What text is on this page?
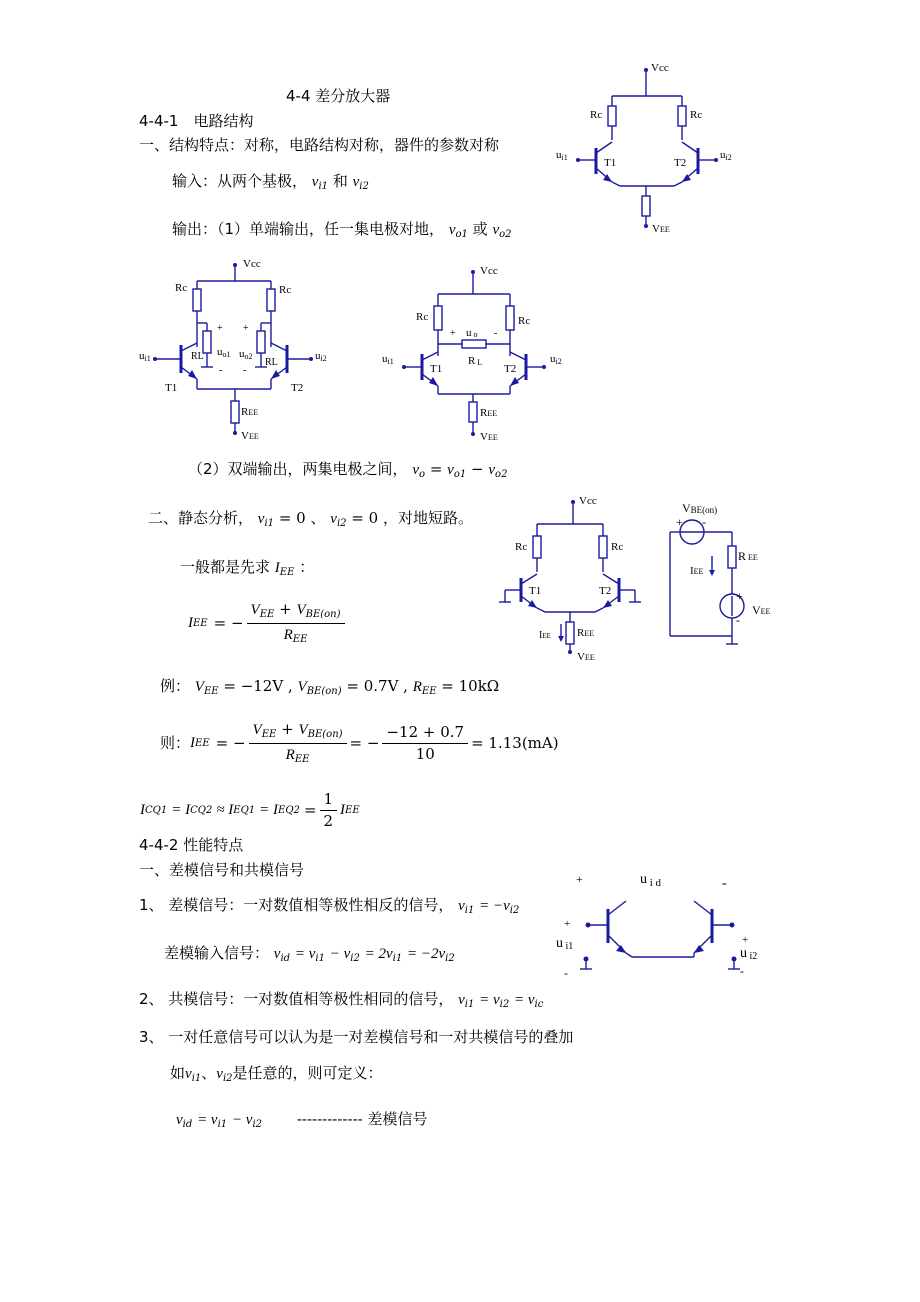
4-4 差分放大器
4-4-1　电路结构
一、结构特点：对称，电路结构对称，器件的参数对称
输入：从两个基极， $v_{i1}$ 和 $v_{i2}$
输出：（1）单端输出，任一集电极对地， $v_{o1}$ 或 $v_{o2}$
（2）双端输出，两集电极之间， $v_o = v_{o1} - v_{o2}$
二、静态分析， $v_{i1} = 0$ 、 $v_{i2} = 0$ ，对地短路。
一般都是先求 $I_{EE}$ ：
I EE = − $\frac{V_{EE} + V_{BE(on)}}{R_{EE}}$
例： $V_{EE} = -12V$ , $V_{BE(on)} = 0.7V$ , $R_{EE} = 10k\Omega$
则： I EE = − $\frac{V_{EE} + V_{BE(on)}}{R_{EE}}$ = − $\frac{-12 + 0.7}{10} = 1.13(mA)$
I CQ1 = I CQ2 ≈ I EQ1 = I $EQ2 = \frac{1}{2}$ I EE
4-4-2 性能特点
一、差模信号和共模信号
1、 差模信号：一对数值相等极性相反的信号， $v_{i1} = -v_{i2}$
差模输入信号： $v_{id} = v_{i1} - v_{i2} = 2v_{i1} = -2v_{i2}$
2、 共模信号：一对数值相等极性相同的信号， $v_{i1} = v_{i2} = v_{ic}$
3、 一对任意信号可以认为是一对差模信号和一对共模信号的叠加
如$v_{i1}$、$v_{i2}$是任意的，则可定义：
$v_{id} = v_{i1} - v_{i2}$ ------------- 差模信号
Vcc
Rc	Rc
ui1	ui2
T1	T2
VEE
Vcc
Rc	Rc
+ +
uo1 uo2
RL
RL
- -
ui1	ui2
T1	T2
REE
VEE
Vcc
Rc	Rc
+ u o -
R L
ui1	ui2
T1	T2
REE
VEE
Vcc
Rc	Rc
T1	T2
IEE REE
VEE
VBE(on)
+ -
R EE
IEE
+
-
VEE
+	u $_{i d}$	-
+
u i1
-
+
u i2
-
